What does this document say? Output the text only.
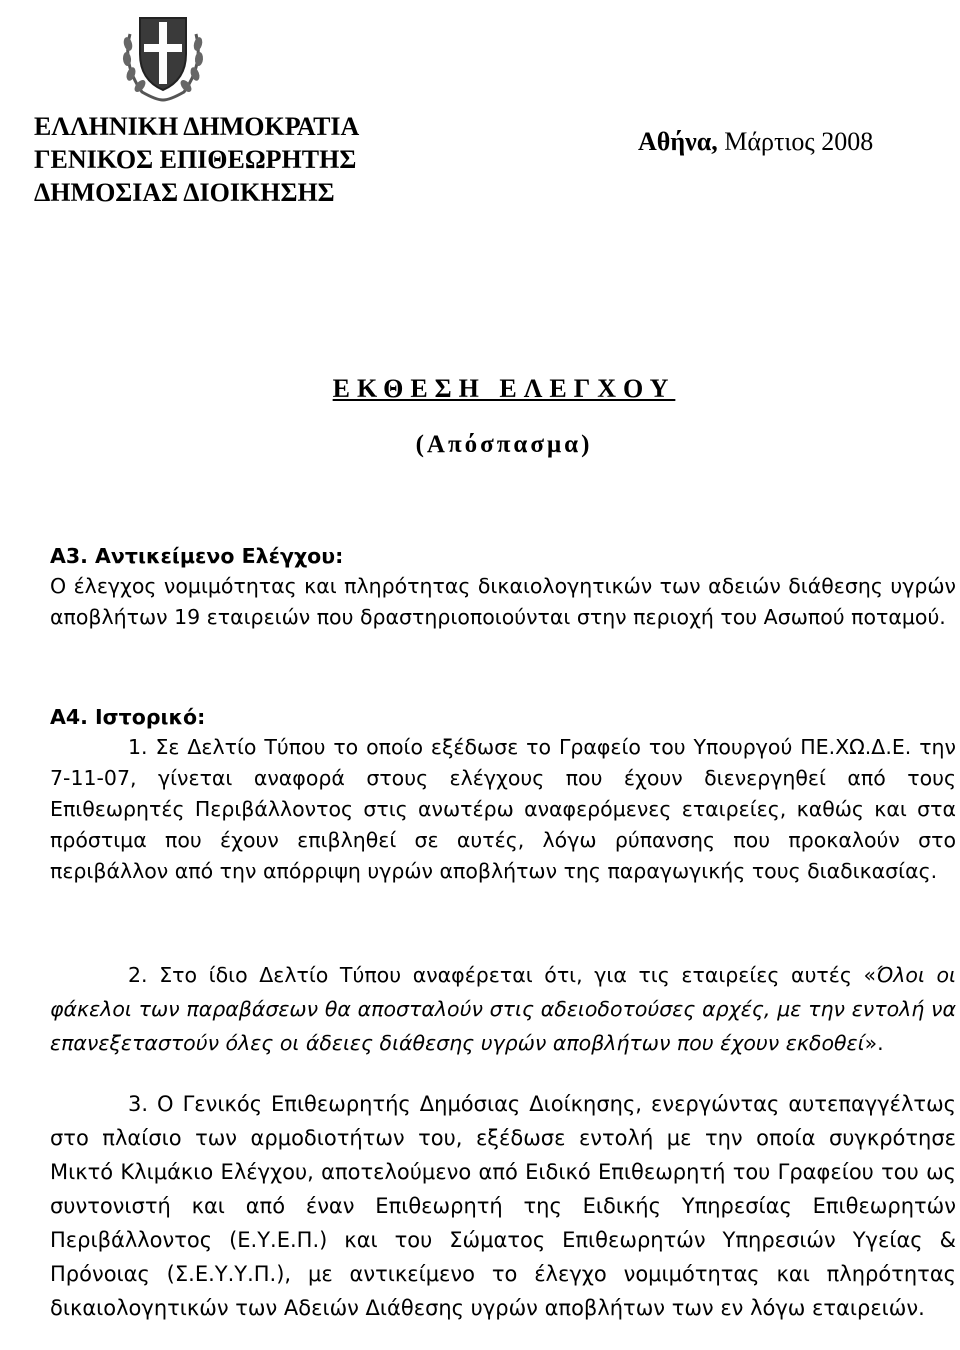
ΕΛΛΗΝΙΚΗ ΔΗΜΟΚΡΑΤΙΑ
ΓΕΝΙΚΟΣ ΕΠΙΘΕΩΡΗΤΗΣ
ΔΗΜΟΣΙΑΣ ΔΙΟΙΚΗΣΗΣ
Αθήνα, Μάρτιος 2008
ΕΚΘΕΣΗ ΕΛΕΓΧΟΥ
(Απόσπασμα)
Α3. Αντικείμενο Ελέγχου:
Ο έλεγχος νομιμότητας και πληρότητας δικαιολογητικών των αδειών διάθεσης υγρών αποβλήτων 19 εταιρειών που δραστηριοποιούνται στην περιοχή του Ασωπού ποταμού.
Α4. Ιστορικό:
1. Σε Δελτίο Τύπου το οποίο εξέδωσε το Γραφείο του Υπουργού ΠΕ.ΧΩ.Δ.Ε. την 7-11-07, γίνεται αναφορά στους ελέγχους που έχουν διενεργηθεί από τους Επιθεωρητές Περιβάλλοντος στις ανωτέρω αναφερόμενες εταιρείες, καθώς και στα πρόστιμα που έχουν επιβληθεί σε αυτές, λόγω ρύπανσης που προκαλούν στο περιβάλλον από την απόρριψη υγρών αποβλήτων της παραγωγικής τους διαδικασίας.
2. Στο ίδιο Δελτίο Τύπου αναφέρεται ότι, για τις εταιρείες αυτές «Όλοι οι φάκελοι των παραβάσεων θα αποσταλούν στις αδειοδοτούσες αρχές, με την εντολή να επανεξεταστούν όλες οι άδειες διάθεσης υγρών αποβλήτων που έχουν εκδοθεί».
3. Ο Γενικός Επιθεωρητής Δημόσιας Διοίκησης, ενεργώντας αυτεπαγγέλτως στο πλαίσιο των αρμοδιοτήτων του, εξέδωσε εντολή με την οποία συγκρότησε Μικτό Κλιμάκιο Ελέγχου, αποτελούμενο από Ειδικό Επιθεωρητή του Γραφείου του ως συντονιστή και από έναν Επιθεωρητή της Ειδικής Υπηρεσίας Επιθεωρητών Περιβάλλοντος (Ε.Υ.Ε.Π.) και του Σώματος Επιθεωρητών Υπηρεσιών Υγείας & Πρόνοιας (Σ.Ε.Υ.Υ.Π.), με αντικείμενο το έλεγχο νομιμότητας και πληρότητας δικαιολογητικών των Αδειών Διάθεσης υγρών αποβλήτων των εν λόγω εταιρειών.
